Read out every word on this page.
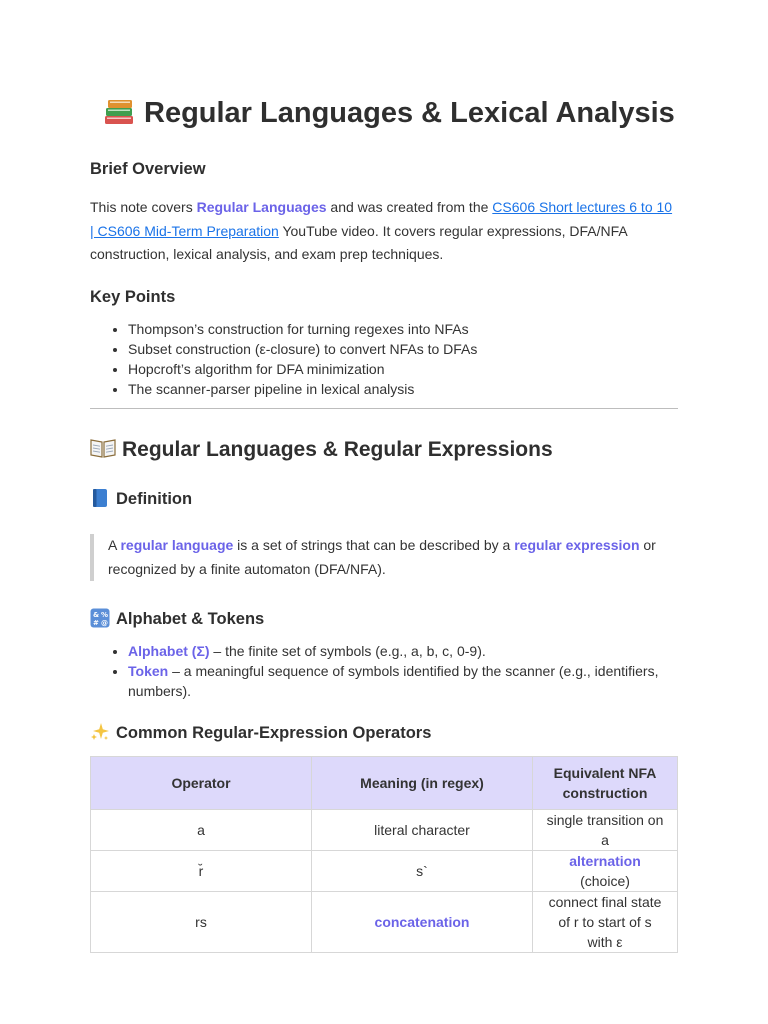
Regular Languages & Lexical Analysis
Brief Overview

This note covers Regular Languages and was created from the CS606 Short lectures 6 to 10 | CS606 Mid-Term Preparation YouTube video. It covers regular expressions, DFA/NFA construction, lexical analysis, and exam prep techniques.

Key Points
• Thompson’s construction for turning regexes into NFAs
• Subset construction (ε-closure) to convert NFAs to DFAs
• Hopcroft’s algorithm for DFA minimization
• The scanner-parser pipeline in lexical analysis
Regular Languages & Regular Expressions
Definition
A regular language is a set of strings that can be described by a regular expression or recognized by a finite automaton (DFA/NFA).
& %
# @ Alphabet & Tokens
• Alphabet (Σ) – the finite set of symbols (e.g., a, b, c, 0-9).
• Token – a meaningful sequence of symbols identified by the scanner (e.g., identifiers, numbers).
Common Regular-Expression Operators
Operator	Meaning (in regex)	Equivalent NFA construction
a	literal character	single transition on a
r̆	s`	alternation (choice)
rs	concatenation	connect final state of r to start of s with ε
